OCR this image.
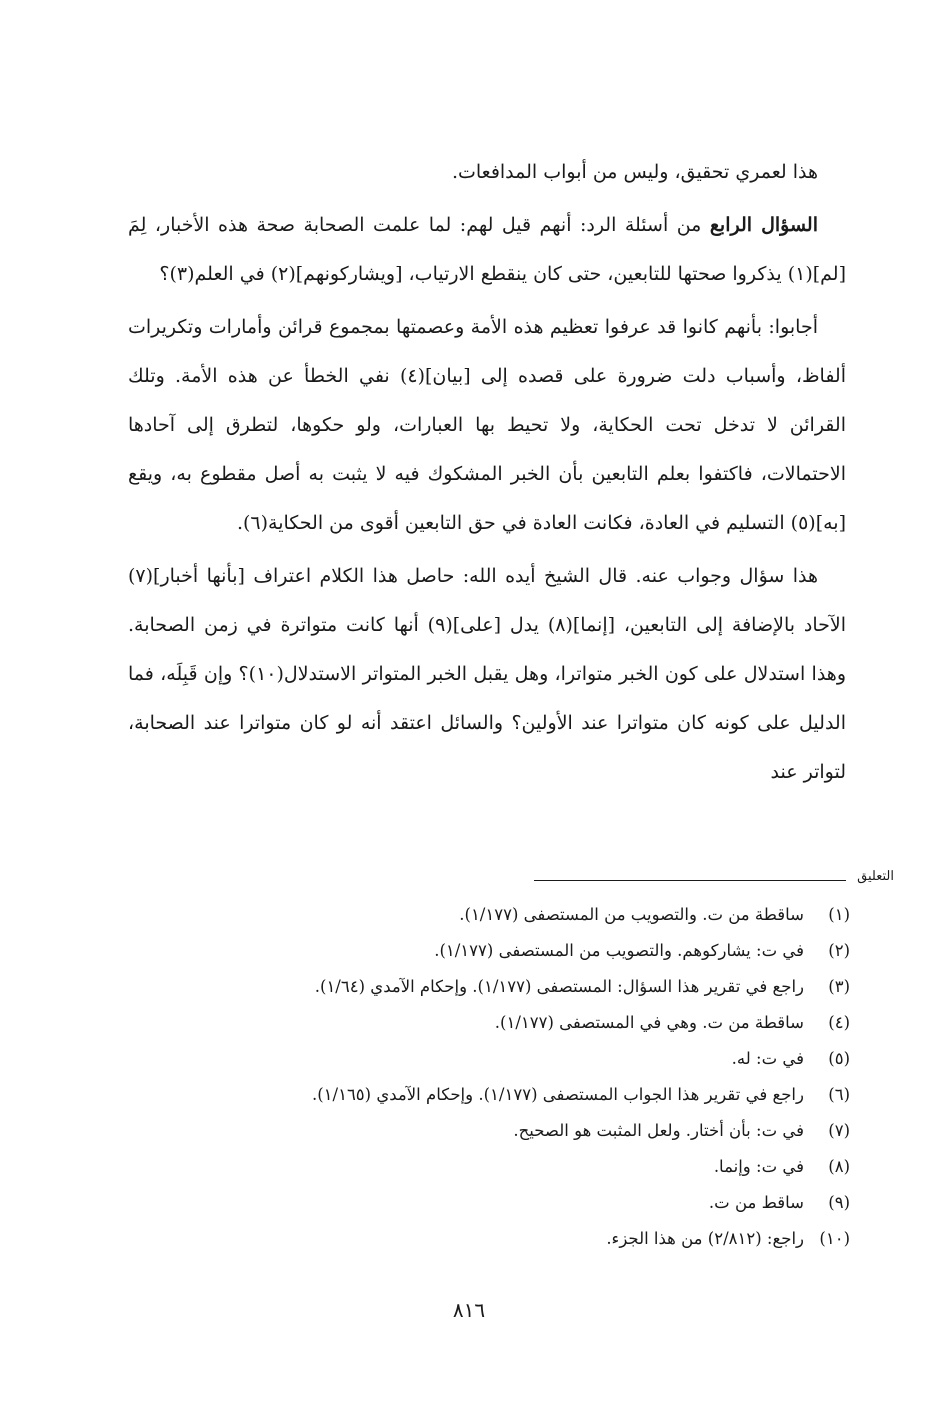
هذا لعمري تحقيق، وليس من أبواب المدافعات.

السؤال الرابع من أسئلة الرد: أنهم قيل لهم: لما علمت الصحابة صحة هذه الأخبار، لِمَ [لم](١) يذكروا صحتها للتابعين، حتى كان ينقطع الارتياب، [ويشاركونهم](٢) في العلم(٣)؟

أجابوا: بأنهم كانوا قد عرفوا تعظيم هذه الأمة وعصمتها بمجموع قرائن وأمارات وتكريرات ألفاظ، وأسباب دلت ضرورة على قصده إلى [بيان](٤) نفي الخطأ عن هذه الأمة. وتلك القرائن لا تدخل تحت الحكاية، ولا تحيط بها العبارات، ولو حكوها، لتطرق إلى آحادها الاحتمالات، فاكتفوا بعلم التابعين بأن الخبر المشكوك فيه لا يثبت به أصل مقطوع به، ويقع [به](٥) التسليم في العادة، فكانت العادة في حق التابعين أقوى من الحكاية(٦).

هذا سؤال وجواب عنه. قال الشيخ أيده الله: حاصل هذا الكلام اعتراف [بأنها أخبار](٧) الآحاد بالإضافة إلى التابعين، [إنما](٨) يدل [على](٩) أنها كانت متواترة في زمن الصحابة. وهذا استدلال على كون الخبر متواترا، وهل يقبل الخبر المتواتر الاستدلال(١٠)؟ وإن قَبِلَه، فما الدليل على كونه كان متواترا عند الأولين؟ والسائل اعتقد أنه لو كان متواترا عند الصحابة، لتواتر عند

التعليق
(١)
ساقطة من ت. والتصويب من المستصفى (١/١٧٧).
(٢)
في ت: يشاركوهم. والتصويب من المستصفى (١/١٧٧).
(٣)
راجع في تقرير هذا السؤال: المستصفى (١/١٧٧). وإحكام الآمدي (١/٦٤).
(٤)
ساقطة من ت. وهي في المستصفى (١/١٧٧).
(٥)
في ت: له.
(٦)
راجع في تقرير هذا الجواب المستصفى (١/١٧٧). وإحكام الآمدي (١/١٦٥).
(٧)
في ت: بأن أختار. ولعل المثبت هو الصحيح.
(٨)
في ت: وإنما.
(٩)
ساقط من ت.
(١٠)
راجع: (٢/٨١٢) من هذا الجزء.
٨١٦
